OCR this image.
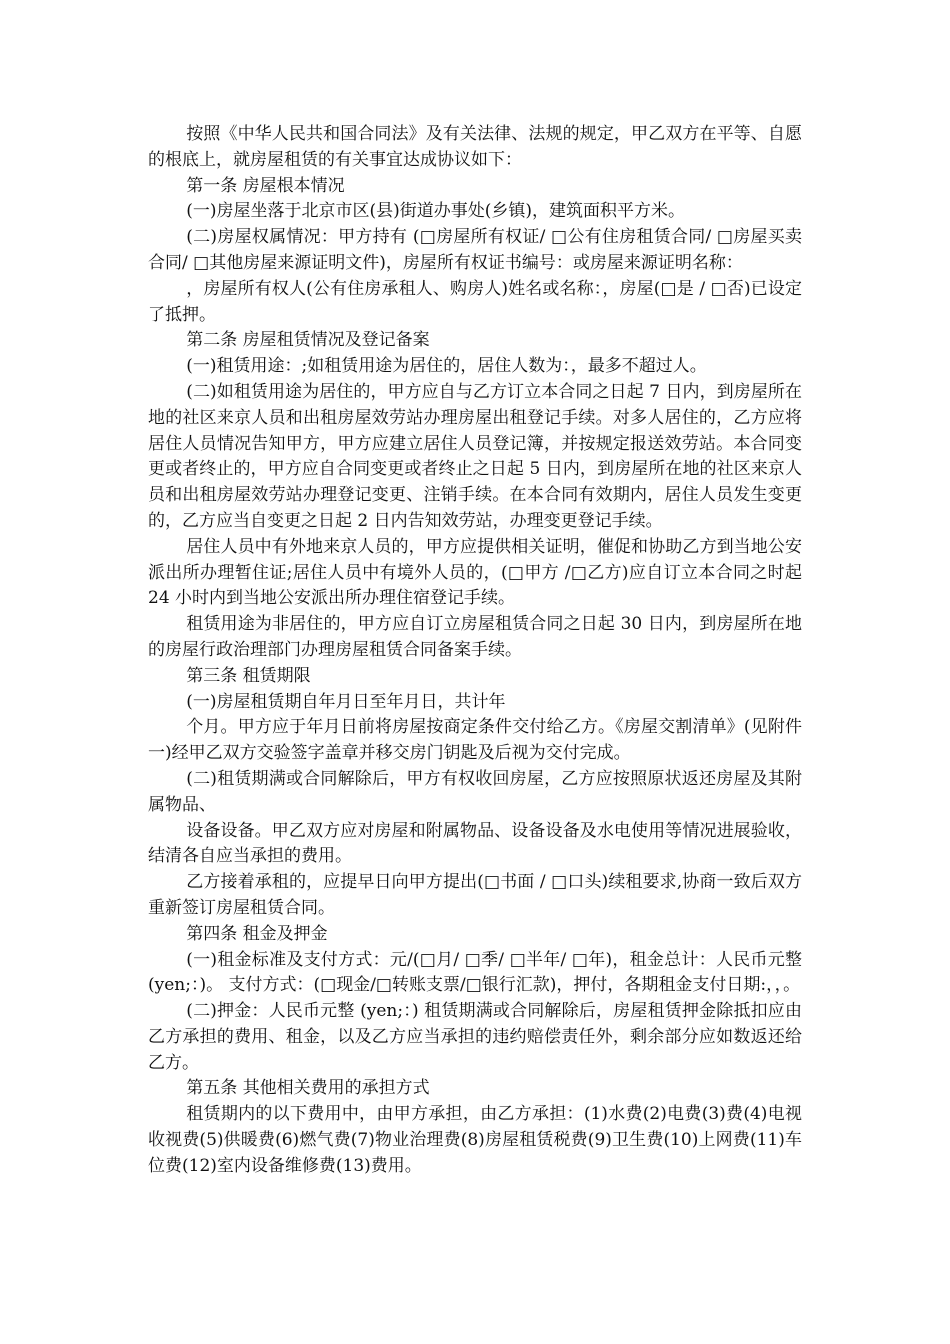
按照《中华人民共和国合同法》及有关法律、法规的规定，甲乙双方在平等、自愿的根底上，就房屋租赁的有关事宜达成协议如下：

第一条 房屋根本情况

(一)房屋坐落于北京市区(县)街道办事处(乡镇)，建筑面积平方米。

(二)房屋权属情况：甲方持有 (□房屋所有权证/ □公有住房租赁合同/ □房屋买卖合同/ □其他房屋来源证明文件)，房屋所有权证书编号：或房屋来源证明名称：

，房屋所有权人(公有住房承租人、购房人)姓名或名称：，房屋(□是 / □否)已设定了抵押。

第二条 房屋租赁情况及登记备案

(一)租赁用途：;如租赁用途为居住的，居住人数为：，最多不超过人。

(二)如租赁用途为居住的，甲方应自与乙方订立本合同之日起 7 日内，到房屋所在地的社区来京人员和出租房屋效劳站办理房屋出租登记手续。对多人居住的，乙方应将居住人员情况告知甲方，甲方应建立居住人员登记簿，并按规定报送效劳站。本合同变更或者终止的，甲方应自合同变更或者终止之日起 5 日内，到房屋所在地的社区来京人员和出租房屋效劳站办理登记变更、注销手续。在本合同有效期内，居住人员发生变更的，乙方应当自变更之日起 2 日内告知效劳站，办理变更登记手续。

居住人员中有外地来京人员的，甲方应提供相关证明，催促和协助乙方到当地公安派出所办理暂住证;居住人员中有境外人员的，(□甲方 /□乙方)应自订立本合同之时起 24 小时内到当地公安派出所办理住宿登记手续。

租赁用途为非居住的，甲方应自订立房屋租赁合同之日起 30 日内，到房屋所在地的房屋行政治理部门办理房屋租赁合同备案手续。

第三条 租赁期限

(一)房屋租赁期自年月日至年月日，共计年

个月。甲方应于年月日前将房屋按商定条件交付给乙方。《房屋交割清单》(见附件一)经甲乙双方交验签字盖章并移交房门钥匙及后视为交付完成。

(二)租赁期满或合同解除后，甲方有权收回房屋，乙方应按照原状返还房屋及其附属物品、

设备设备。甲乙双方应对房屋和附属物品、设备设备及水电使用等情况进展验收，结清各自应当承担的费用。

乙方接着承租的，应提早日向甲方提出(□书面 / □口头)续租要求,协商一致后双方重新签订房屋租赁合同。

第四条 租金及押金

(一)租金标准及支付方式：元/(□月/ □季/ □半年/ □年)，租金总计：人民币元整(yen;：)。 支付方式：(□现金/□转账支票/□银行汇款)，押付，各期租金支付日期:，，。

(二)押金：人民币元整 (yen;：) 租赁期满或合同解除后，房屋租赁押金除抵扣应由乙方承担的费用、租金，以及乙方应当承担的违约赔偿责任外，剩余部分应如数返还给乙方。

第五条 其他相关费用的承担方式

租赁期内的以下费用中，由甲方承担，由乙方承担：(1)水费(2)电费(3)费(4)电视收视费(5)供暖费(6)燃气费(7)物业治理费(8)房屋租赁税费(9)卫生费(10)上网费(11)车位费(12)室内设备维修费(13)费用。
